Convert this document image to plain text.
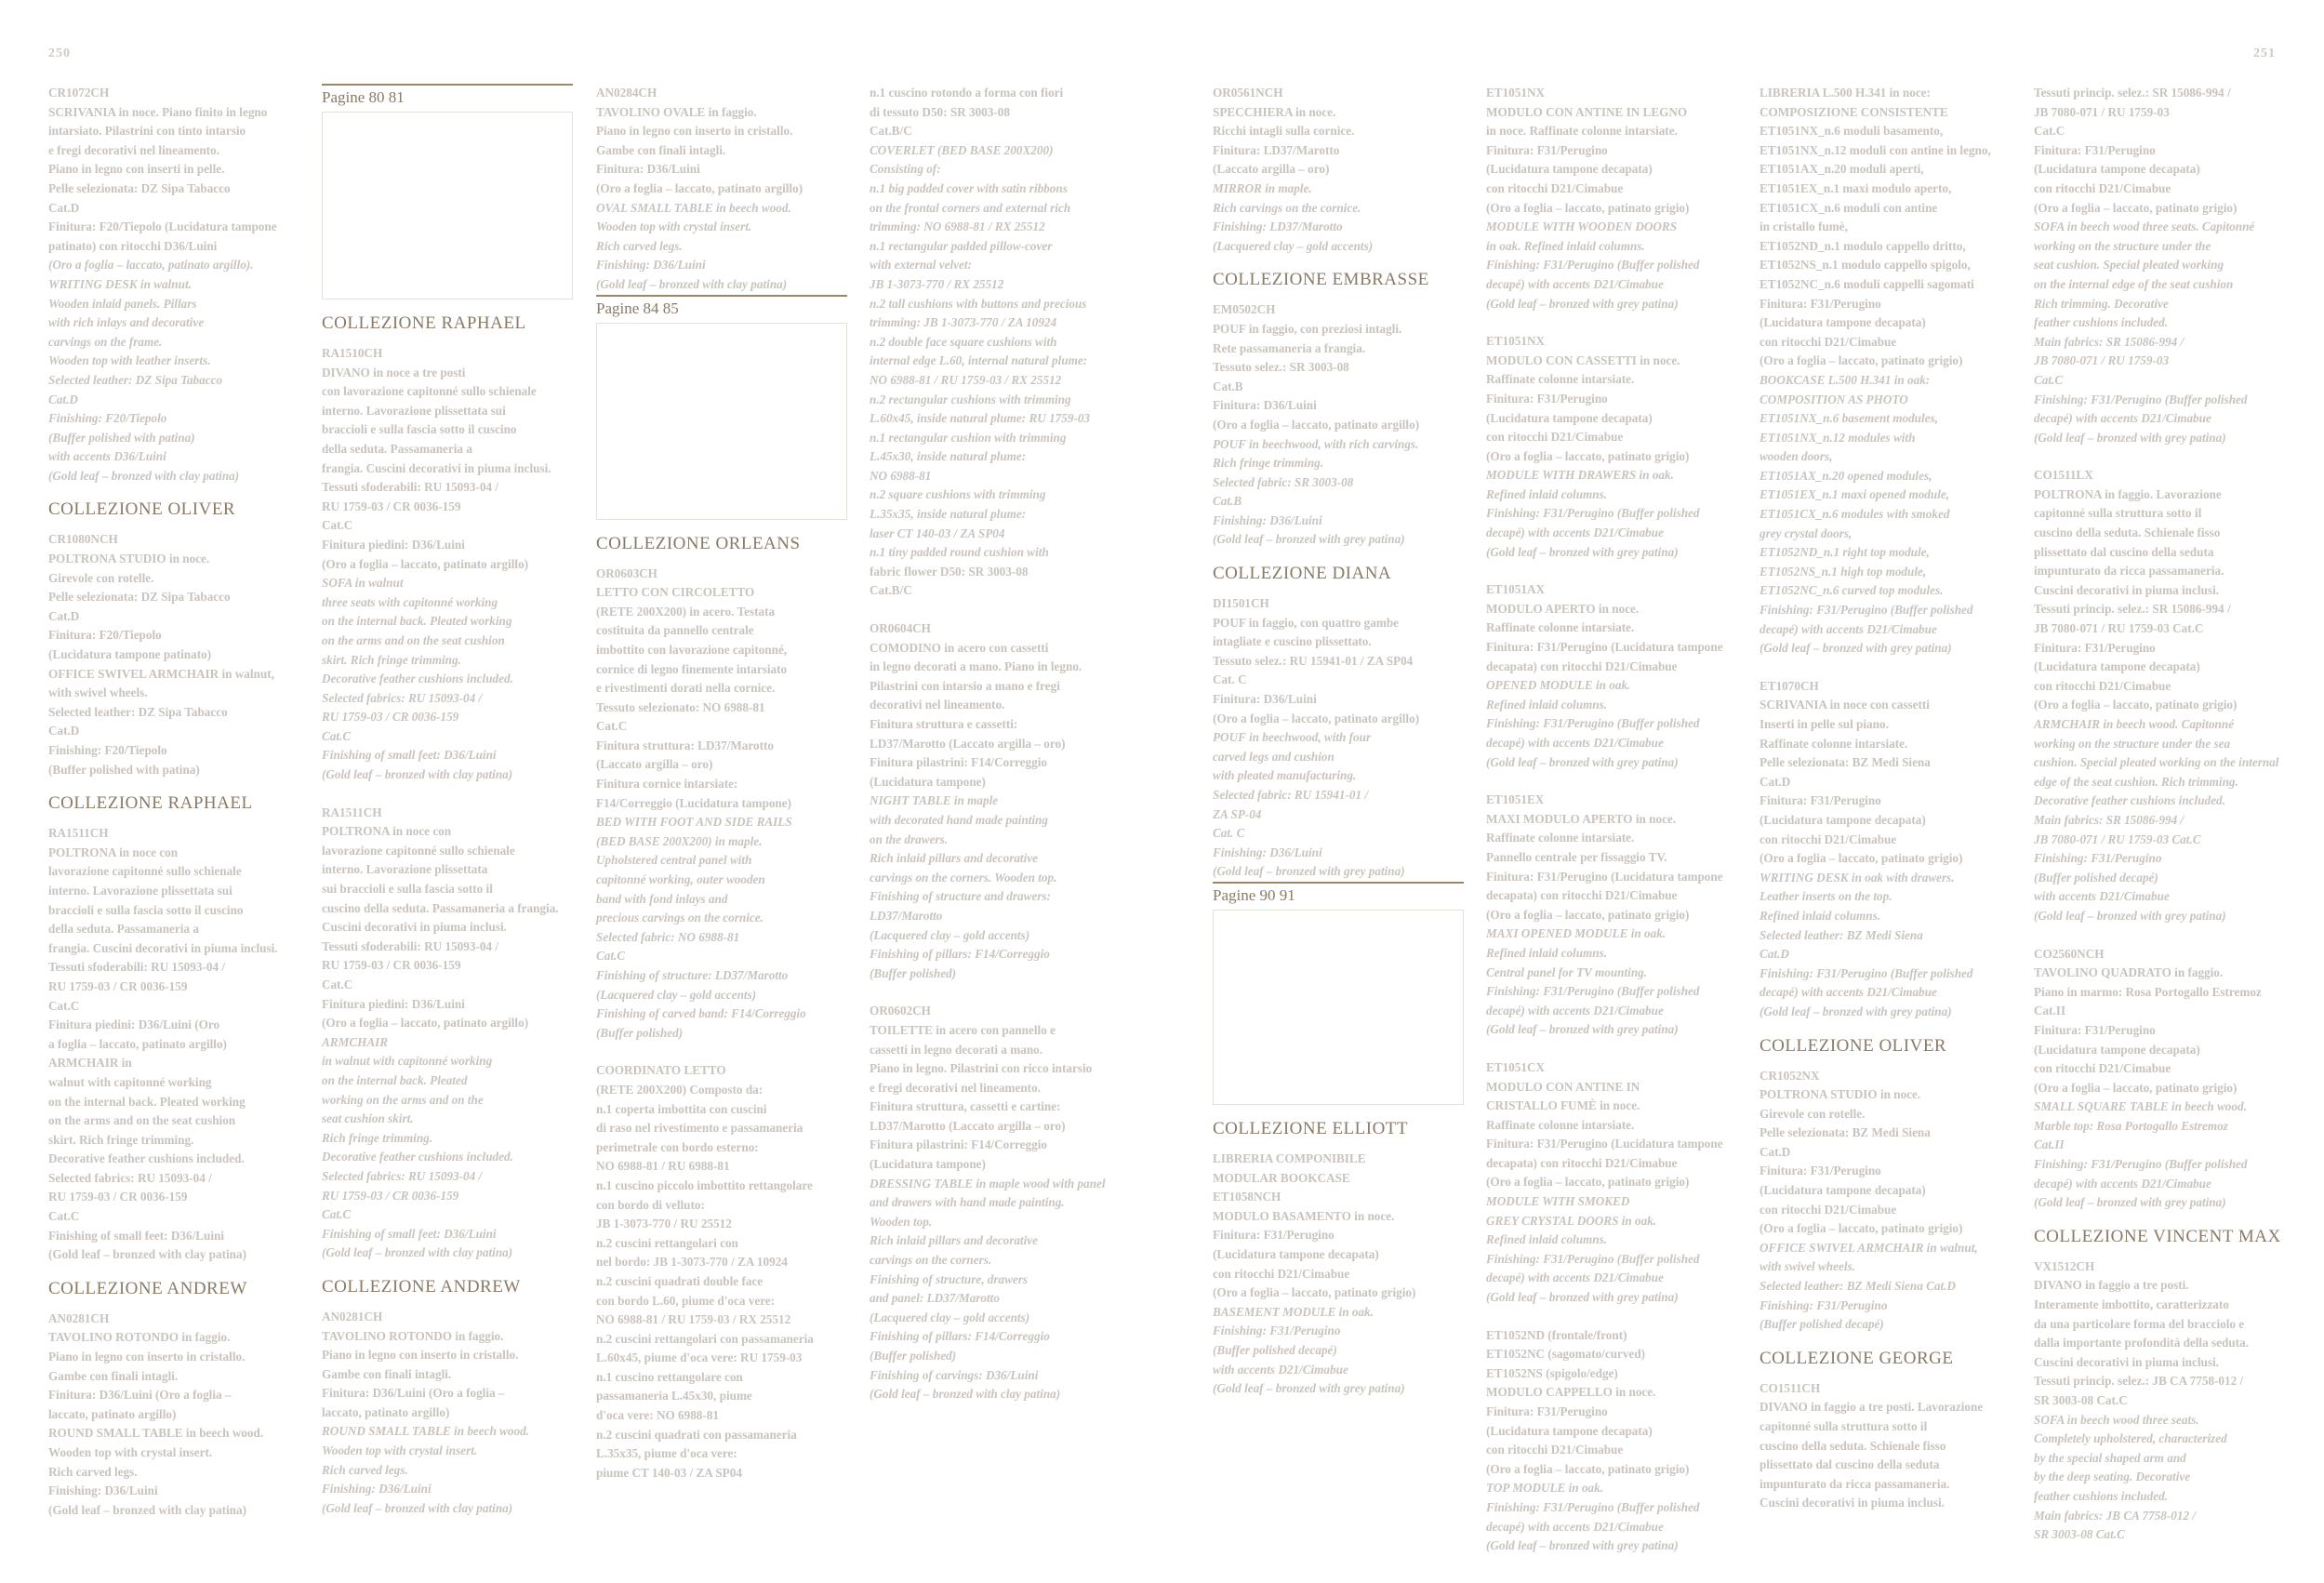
250	251

CR1072CH

SCRIVANIA in noce. Piano finito in legno

intarsiato. Pilastrini con tinto intarsio

e fregi decorativi nel lineamento.

Piano in legno con inserti in pelle.

Pelle selezionata: DZ Sipa Tabacco

Cat.D

Finitura: F20/Tiepolo (Lucidatura tampone

patinato) con ritocchi D36/Luini

(Oro a foglia – laccato, patinato argillo).

WRITING DESK in walnut.

Wooden inlaid panels. Pillars

with rich inlays and decorative

carvings on the frame.

Wooden top with leather inserts.

Selected leather: DZ Sipa Tabacco

Cat.D

Finishing: F20/Tiepolo

(Buffer polished with patina)

with accents D36/Luini

(Gold leaf – bronzed with clay patina)

COLLEZIONE OLIVER

CR1080NCH

POLTRONA STUDIO in noce.

Girevole con rotelle.

Pelle selezionata: DZ Sipa Tabacco

Cat.D

Finitura: F20/Tiepolo

(Lucidatura tampone patinato)

OFFICE SWIVEL ARMCHAIR in walnut,

with swivel wheels.

Selected leather: DZ Sipa Tabacco

Cat.D

Finishing: F20/Tiepolo

(Buffer polished with patina)

COLLEZIONE RAPHAEL

RA1511CH

POLTRONA in noce con

lavorazione capitonné sullo schienale

interno. Lavorazione plissettata sui

braccioli e sulla fascia sotto il cuscino

della seduta. Passamaneria a

frangia. Cuscini decorativi in piuma inclusi.

Tessuti sfoderabili: RU 15093-04 /

RU 1759-03 / CR 0036-159

Cat.C

Finitura piedini: D36/Luini (Oro

a foglia – laccato, patinato argillo)

ARMCHAIR in

walnut with capitonné working

on the internal back. Pleated working

on the arms and on the seat cushion

skirt. Rich fringe trimming.

Decorative feather cushions included.

Selected fabrics: RU 15093-04 /

RU 1759-03 / CR 0036-159

Cat.C

Finishing of small feet: D36/Luini

(Gold leaf – bronzed with clay patina)

COLLEZIONE ANDREW

AN0281CH

TAVOLINO ROTONDO in faggio.

Piano in legno con inserto in cristallo.

Gambe con finali intagli.

Finitura: D36/Luini (Oro a foglia –

laccato, patinato argillo)

ROUND SMALL TABLE in beech wood.

Wooden top with crystal insert.

Rich carved legs.

Finishing: D36/Luini

(Gold leaf – bronzed with clay patina)

Pagine 80 81

COLLEZIONE RAPHAEL

RA1510CH

DIVANO in noce a tre posti

con lavorazione capitonné sullo schienale

interno. Lavorazione plissettata sui

braccioli e sulla fascia sotto il cuscino

della seduta. Passamaneria a

frangia. Cuscini decorativi in piuma inclusi.

Tessuti sfoderabili: RU 15093-04 /

RU 1759-03 / CR 0036-159

Cat.C

Finitura piedini: D36/Luini

(Oro a foglia – laccato, patinato argillo)

SOFA in walnut

three seats with capitonné working

on the internal back. Pleated working

on the arms and on the seat cushion

skirt. Rich fringe trimming.

Decorative feather cushions included.

Selected fabrics: RU 15093-04 /

RU 1759-03 / CR 0036-159

Cat.C

Finishing of small feet: D36/Luini

(Gold leaf – bronzed with clay patina)

RA1511CH

POLTRONA in noce con

lavorazione capitonné sullo schienale

interno. Lavorazione plissettata

sui braccioli e sulla fascia sotto il

cuscino della seduta. Passamaneria a frangia.

Cuscini decorativi in piuma inclusi.

Tessuti sfoderabili: RU 15093-04 /

RU 1759-03 / CR 0036-159

Cat.C

Finitura piedini: D36/Luini

(Oro a foglia – laccato, patinato argillo)

ARMCHAIR

in walnut with capitonné working

on the internal back. Pleated

working on the arms and on the

seat cushion skirt.

Rich fringe trimming.

Decorative feather cushions included.

Selected fabrics: RU 15093-04 /

RU 1759-03 / CR 0036-159

Cat.C

Finishing of small feet: D36/Luini

(Gold leaf – bronzed with clay patina)

COLLEZIONE ANDREW

AN0281CH

TAVOLINO ROTONDO in faggio.

Piano in legno con inserto in cristallo.

Gambe con finali intagli.

Finitura: D36/Luini (Oro a foglia –

laccato, patinato argillo)

ROUND SMALL TABLE in beech wood.

Wooden top with crystal insert.

Rich carved legs.

Finishing: D36/Luini

(Gold leaf – bronzed with clay patina)

AN0284CH

TAVOLINO OVALE in faggio.

Piano in legno con inserto in cristallo.

Gambe con finali intagli.

Finitura: D36/Luini

(Oro a foglia – laccato, patinato argillo)

OVAL SMALL TABLE in beech wood.

Wooden top with crystal insert.

Rich carved legs.

Finishing: D36/Luini

(Gold leaf – bronzed with clay patina)

Pagine 84 85

COLLEZIONE ORLEANS

OR0603CH

LETTO CON CIRCOLETTO

(RETE 200X200) in acero. Testata

costituita da pannello centrale

imbottito con lavorazione capitonné,

cornice di legno finemente intarsiato

e rivestimenti dorati nella cornice.

Tessuto selezionato: NO 6988-81

Cat.C

Finitura struttura: LD37/Marotto

(Laccato argilla – oro)

Finitura cornice intarsiate:

F14/Correggio (Lucidatura tampone)

BED WITH FOOT AND SIDE RAILS

(BED BASE 200X200) in maple.

Upholstered central panel with

capitonné working, outer wooden

band with fond inlays and

precious carvings on the cornice.

Selected fabric: NO 6988-81

Cat.C

Finishing of structure: LD37/Marotto

(Lacquered clay – gold accents)

Finishing of carved band: F14/Correggio

(Buffer polished)

COORDINATO LETTO

(RETE 200X200) Composto da:

n.1 coperta imbottita con cuscini

di raso nel rivestimento e passamaneria

perimetrale con bordo esterno:

NO 6988-81 / RU 6988-81

n.1 cuscino piccolo imbottito rettangolare

con bordo di velluto:

JB 1-3073-770 / RU 25512

n.2 cuscini rettangolari con

nel bordo: JB 1-3073-770 / ZA 10924

n.2 cuscini quadrati double face

con bordo L.60, piume d'oca vere:

NO 6988-81 / RU 1759-03 / RX 25512

n.2 cuscini rettangolari con passamaneria

L.60x45, piume d'oca vere: RU 1759-03

n.1 cuscino rettangolare con

passamaneria L.45x30, piume

d'oca vere: NO 6988-81

n.2 cuscini quadrati con passamaneria

L.35x35, piume d'oca vere:

piume CT 140-03 / ZA SP04

n.1 cuscino rotondo a forma con fiori

di tessuto D50: SR 3003-08

Cat.B/C

COVERLET (BED BASE 200X200)

Consisting of:

n.1 big padded cover with satin ribbons

on the frontal corners and external rich

trimming: NO 6988-81 / RX 25512

n.1 rectangular padded pillow-cover

with external velvet:

JB 1-3073-770 / RX 25512

n.2 tall cushions with buttons and precious

trimming: JB 1-3073-770 / ZA 10924

n.2 double face square cushions with

internal edge L.60, internal natural plume:

NO 6988-81 / RU 1759-03 / RX 25512

n.2 rectangular cushions with trimming

L.60x45, inside natural plume: RU 1759-03

n.1 rectangular cushion with trimming

L.45x30, inside natural plume:

NO 6988-81

n.2 square cushions with trimming

L.35x35, inside natural plume:

laser CT 140-03 / ZA SP04

n.1 tiny padded round cushion with

fabric flower D50: SR 3003-08

Cat.B/C

OR0604CH

COMODINO in acero con cassetti

in legno decorati a mano. Piano in legno.

Pilastrini con intarsio a mano e fregi

decorativi nel lineamento.

Finitura struttura e cassetti:

LD37/Marotto (Laccato argilla – oro)

Finitura pilastrini: F14/Correggio

(Lucidatura tampone)

NIGHT TABLE in maple

with decorated hand made painting

on the drawers.

Rich inlaid pillars and decorative

carvings on the corners. Wooden top.

Finishing of structure and drawers:

LD37/Marotto

(Lacquered clay – gold accents)

Finishing of pillars: F14/Correggio

(Buffer polished)

OR0602CH

TOILETTE in acero con pannello e

cassetti in legno decorati a mano.

Piano in legno. Pilastrini con ricco intarsio

e fregi decorativi nel lineamento.

Finitura struttura, cassetti e cartine:

LD37/Marotto (Laccato argilla – oro)

Finitura pilastrini: F14/Correggio

(Lucidatura tampone)

DRESSING TABLE in maple wood with panel

and drawers with hand made painting.

Wooden top.

Rich inlaid pillars and decorative

carvings on the corners.

Finishing of structure, drawers

and panel: LD37/Marotto

(Lacquered clay – gold accents)

Finishing of pillars: F14/Correggio

(Buffer polished)

Finishing of carvings: D36/Luini

(Gold leaf – bronzed with clay patina)

OR0561NCH

SPECCHIERA in noce.

Ricchi intagli sulla cornice.

Finitura: LD37/Marotto

(Laccato argilla – oro)

MIRROR in maple.

Rich carvings on the cornice.

Finishing: LD37/Marotto

(Lacquered clay – gold accents)

COLLEZIONE EMBRASSE

EM0502CH

POUF in faggio, con preziosi intagli.

Rete passamaneria a frangia.

Tessuto selez.: SR 3003-08

Cat.B

Finitura: D36/Luini

(Oro a foglia – laccato, patinato argillo)

POUF in beechwood, with rich carvings.

Rich fringe trimming.

Selected fabric: SR 3003-08

Cat.B

Finishing: D36/Luini

(Gold leaf – bronzed with grey patina)

COLLEZIONE DIANA

DI1501CH

POUF in faggio, con quattro gambe

intagliate e cuscino plissettato.

Tessuto selez.: RU 15941-01 / ZA SP04

Cat. C

Finitura: D36/Luini

(Oro a foglia – laccato, patinato argillo)

POUF in beechwood, with four

carved legs and cushion

with pleated manufacturing.

Selected fabric: RU 15941-01 /

ZA SP-04

Cat. C

Finishing: D36/Luini

(Gold leaf – bronzed with grey patina)

Pagine 90 91

COLLEZIONE ELLIOTT

LIBRERIA COMPONIBILE

MODULAR BOOKCASE

ET1058NCH

MODULO BASAMENTO in noce.

Finitura: F31/Perugino

(Lucidatura tampone decapata)

con ritocchi D21/Cimabue

(Oro a foglia – laccato, patinato grigio)

BASEMENT MODULE in oak.

Finishing: F31/Perugino

(Buffer polished decapé)

with accents D21/Cimabue

(Gold leaf – bronzed with grey patina)

ET1051NX

MODULO CON ANTINE IN LEGNO

in noce. Raffinate colonne intarsiate.

Finitura: F31/Perugino

(Lucidatura tampone decapata)

con ritocchi D21/Cimabue

(Oro a foglia – laccato, patinato grigio)

MODULE WITH WOODEN DOORS

in oak. Refined inlaid columns.

Finishing: F31/Perugino (Buffer polished

decapé) with accents D21/Cimabue

(Gold leaf – bronzed with grey patina)

ET1051NX

MODULO CON CASSETTI in noce.

Raffinate colonne intarsiate.

Finitura: F31/Perugino

(Lucidatura tampone decapata)

con ritocchi D21/Cimabue

(Oro a foglia – laccato, patinato grigio)

MODULE WITH DRAWERS in oak.

Refined inlaid columns.

Finishing: F31/Perugino (Buffer polished

decapé) with accents D21/Cimabue

(Gold leaf – bronzed with grey patina)

ET1051AX

MODULO APERTO in noce.

Raffinate colonne intarsiate.

Finitura: F31/Perugino (Lucidatura tampone

decapata) con ritocchi D21/Cimabue

OPENED MODULE in oak.

Refined inlaid columns.

Finishing: F31/Perugino (Buffer polished

decapé) with accents D21/Cimabue

(Gold leaf – bronzed with grey patina)

ET1051EX

MAXI MODULO APERTO in noce.

Raffinate colonne intarsiate.

Pannello centrale per fissaggio TV.

Finitura: F31/Perugino (Lucidatura tampone

decapata) con ritocchi D21/Cimabue

(Oro a foglia – laccato, patinato grigio)

MAXI OPENED MODULE in oak.

Refined inlaid columns.

Central panel for TV mounting.

Finishing: F31/Perugino (Buffer polished

decapé) with accents D21/Cimabue

(Gold leaf – bronzed with grey patina)

ET1051CX

MODULO CON ANTINE IN

CRISTALLO FUMÈ in noce.

Raffinate colonne intarsiate.

Finitura: F31/Perugino (Lucidatura tampone

decapata) con ritocchi D21/Cimabue

(Oro a foglia – laccato, patinato grigio)

MODULE WITH SMOKED

GREY CRYSTAL DOORS in oak.

Refined inlaid columns.

Finishing: F31/Perugino (Buffer polished

decapé) with accents D21/Cimabue

(Gold leaf – bronzed with grey patina)

ET1052ND (frontale/front)

ET1052NC (sagomato/curved)

ET1052NS (spigolo/edge)

MODULO CAPPELLO in noce.

Finitura: F31/Perugino

(Lucidatura tampone decapata)

con ritocchi D21/Cimabue

(Oro a foglia – laccato, patinato grigio)

TOP MODULE in oak.

Finishing: F31/Perugino (Buffer polished

decapé) with accents D21/Cimabue

(Gold leaf – bronzed with grey patina)

LIBRERIA L.500 H.341 in noce:

COMPOSIZIONE CONSISTENTE

ET1051NX_n.6 moduli basamento,

ET1051NX_n.12 moduli con antine in legno,

ET1051AX_n.20 moduli aperti,

ET1051EX_n.1 maxi modulo aperto,

ET1051CX_n.6 moduli con antine

in cristallo fumè,

ET1052ND_n.1 modulo cappello dritto,

ET1052NS_n.1 modulo cappello spigolo,

ET1052NC_n.6 moduli cappelli sagomati

Finitura: F31/Perugino

(Lucidatura tampone decapata)

con ritocchi D21/Cimabue

(Oro a foglia – laccato, patinato grigio)

BOOKCASE L.500 H.341 in oak:

COMPOSITION AS PHOTO

ET1051NX_n.6 basement modules,

ET1051NX_n.12 modules with

wooden doors,

ET1051AX_n.20 opened modules,

ET1051EX_n.1 maxi opened module,

ET1051CX_n.6 modules with smoked

grey crystal doors,

ET1052ND_n.1 right top module,

ET1052NS_n.1 high top module,

ET1052NC_n.6 curved top modules.

Finishing: F31/Perugino (Buffer polished

decapé) with accents D21/Cimabue

(Gold leaf – bronzed with grey patina)

ET1070CH

SCRIVANIA in noce con cassetti

Inserti in pelle sul piano.

Raffinate colonne intarsiate.

Pelle selezionata: BZ Medi Siena

Cat.D

Finitura: F31/Perugino

(Lucidatura tampone decapata)

con ritocchi D21/Cimabue

(Oro a foglia – laccato, patinato grigio)

WRITING DESK in oak with drawers.

Leather inserts on the top.

Refined inlaid columns.

Selected leather: BZ Medi Siena

Cat.D

Finishing: F31/Perugino (Buffer polished

decapé) with accents D21/Cimabue

(Gold leaf – bronzed with grey patina)

COLLEZIONE OLIVER

CR1052NX

POLTRONA STUDIO in noce.

Girevole con rotelle.

Pelle selezionata: BZ Medi Siena

Cat.D

Finitura: F31/Perugino

(Lucidatura tampone decapata)

con ritocchi D21/Cimabue

(Oro a foglia – laccato, patinato grigio)

OFFICE SWIVEL ARMCHAIR in walnut,

with swivel wheels.

Selected leather: BZ Medi Siena Cat.D

Finishing: F31/Perugino

(Buffer polished decapé)

COLLEZIONE GEORGE

CO1511CH

DIVANO in faggio a tre posti. Lavorazione

capitonné sulla struttura sotto il

cuscino della seduta. Schienale fisso

plissettato dal cuscino della seduta

impunturato da ricca passamaneria.

Cuscini decorativi in piuma inclusi.

Tessuti princip. selez.: SR 15086-994 /

JB 7080-071 / RU 1759-03

Cat.C

Finitura: F31/Perugino

(Lucidatura tampone decapata)

con ritocchi D21/Cimabue

(Oro a foglia – laccato, patinato grigio)

SOFA in beech wood three seats. Capitonné

working on the structure under the

seat cushion. Special pleated working

on the internal edge of the seat cushion

Rich trimming. Decorative

feather cushions included.

Main fabrics: SR 15086-994 /

JB 7080-071 / RU 1759-03

Cat.C

Finishing: F31/Perugino (Buffer polished

decapé) with accents D21/Cimabue

(Gold leaf – bronzed with grey patina)

CO1511LX

POLTRONA in faggio. Lavorazione

capitonné sulla struttura sotto il

cuscino della seduta. Schienale fisso

plissettato dal cuscino della seduta

impunturato da ricca passamaneria.

Cuscini decorativi in piuma inclusi.

Tessuti princip. selez.: SR 15086-994 /

JB 7080-071 / RU 1759-03 Cat.C

Finitura: F31/Perugino

(Lucidatura tampone decapata)

con ritocchi D21/Cimabue

(Oro a foglia – laccato, patinato grigio)

ARMCHAIR in beech wood. Capitonné

working on the structure under the sea

cushion. Special pleated working on the internal

edge of the seat cushion. Rich trimming.

Decorative feather cushions included.

Main fabrics: SR 15086-994 /

JB 7080-071 / RU 1759-03 Cat.C

Finishing: F31/Perugino

(Buffer polished decapé)

with accents D21/Cimabue

(Gold leaf – bronzed with grey patina)

CO2560NCH

TAVOLINO QUADRATO in faggio.

Piano in marmo: Rosa Portogallo Estremoz

Cat.II

Finitura: F31/Perugino

(Lucidatura tampone decapata)

con ritocchi D21/Cimabue

(Oro a foglia – laccato, patinato grigio)

SMALL SQUARE TABLE in beech wood.

Marble top: Rosa Portogallo Estremoz

Cat.II

Finishing: F31/Perugino (Buffer polished

decapé) with accents D21/Cimabue

(Gold leaf – bronzed with grey patina)

COLLEZIONE VINCENT MAX

VX1512CH

DIVANO in faggio a tre posti.

Interamente imbottito, caratterizzato

da una particolare forma del bracciolo e

dalla importante profondità della seduta.

Cuscini decorativi in piuma inclusi.

Tessuti princip. selez.: JB CA 7758-012 /

SR 3003-08 Cat.C

SOFA in beech wood three seats.

Completely upholstered, characterized

by the special shaped arm and

by the deep seating. Decorative

feather cushions included.

Main fabrics: JB CA 7758-012 /

SR 3003-08 Cat.C
